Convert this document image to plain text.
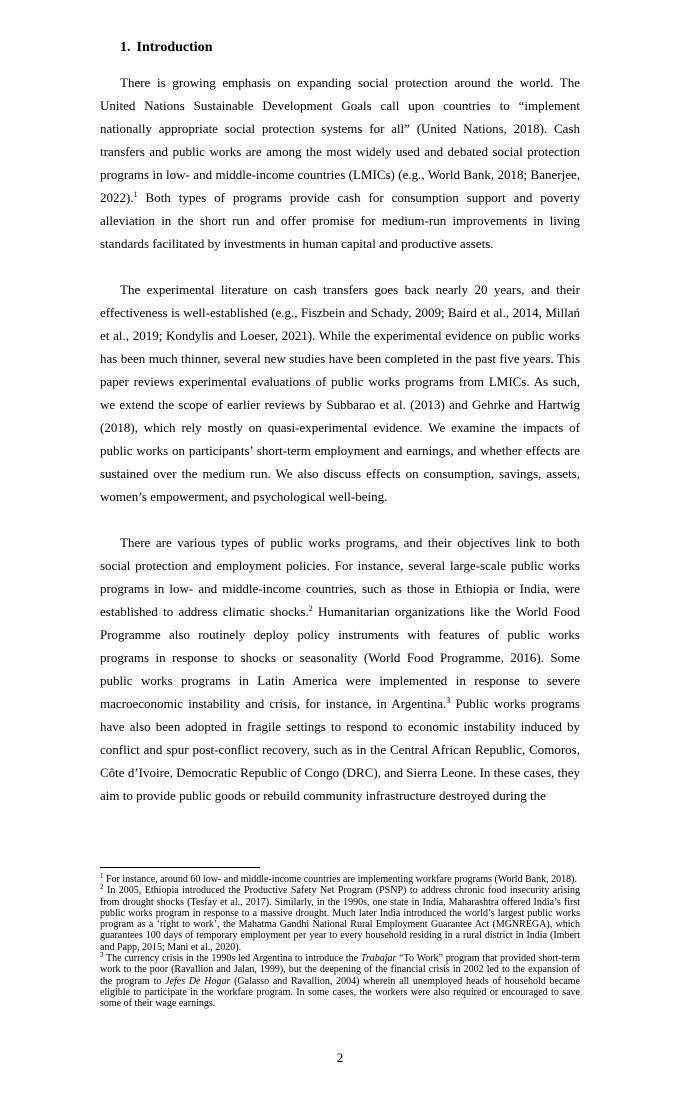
1. Introduction

There is growing emphasis on expanding social protection around the world. The United Nations Sustainable Development Goals call upon countries to “implement nationally appropriate social protection systems for all” (United Nations, 2018). Cash transfers and public works are among the most widely used and debated social protection programs in low- and middle-income countries (LMICs) (e.g., World Bank, 2018; Banerjee, 2022).$^1$ Both types of programs provide cash for consumption support and poverty alleviation in the short run and offer promise for medium-run improvements in living standards facilitated by investments in human capital and productive assets.

The experimental literature on cash transfers goes back nearly 20 years, and their effectiveness is well-established (e.g., Fiszbein and Schady, 2009; Baird et al., 2014, Millań et al., 2019; Kondylis and Loeser, 2021). While the experimental evidence on public works has been much thinner, several new studies have been completed in the past five years. This paper reviews experimental evaluations of public works programs from LMICs. As such, we extend the scope of earlier reviews by Subbarao et al. (2013) and Gehrke and Hartwig (2018), which rely mostly on quasi-experimental evidence. We examine the impacts of public works on participants’ short-term employment and earnings, and whether effects are sustained over the medium run. We also discuss effects on consumption, savings, assets, women’s empowerment, and psychological well-being.

There are various types of public works programs, and their objectives link to both social protection and employment policies. For instance, several large-scale public works programs in low- and middle-income countries, such as those in Ethiopia or India, were established to address climatic shocks.$^2$ Humanitarian organizations like the World Food Programme also routinely deploy policy instruments with features of public works programs in response to shocks or seasonality (World Food Programme, 2016). Some public works programs in Latin America were implemented in response to severe macroeconomic instability and crisis, for instance, in Argentina.$^3$ Public works programs have also been adopted in fragile settings to respond to economic instability induced by conflict and spur post-conflict recovery, such as in the Central African Republic, Comoros, Côte d’Ivoire, Democratic Republic of Congo (DRC), and Sierra Leone. In these cases, they aim to provide public goods or rebuild community infrastructure destroyed during the

$^1$ For instance, around 60 low- and middle-income countries are implementing workfare programs (World Bank, 2018).

$^2$ In 2005, Ethiopia introduced the Productive Safety Net Program (PSNP) to address chronic food insecurity arising from drought shocks (Tesfay et al., 2017). Similarly, in the 1990s, one state in India, Maharashtra offered India’s first public works program in response to a massive drought. Much later India introduced the world’s largest public works program as a ‘right to work’, the Mahatma Gandhi National Rural Employment Guarantee Act (MGNREGA), which guarantees 100 days of temporary employment per year to every household residing in a rural district in India (Imbert and Papp, 2015; Mani et al., 2020).

$^3$ The currency crisis in the 1990s led Argentina to introduce the Trabajar “To Work” program that provided short-term work to the poor (Ravallion and Jalan, 1999), but the deepening of the financial crisis in 2002 led to the expansion of the program to Jefes De Hogar (Galasso and Ravallion, 2004) wherein all unemployed heads of household became eligible to participate in the workfare program. In some cases, the workers were also required or encouraged to save some of their wage earnings.

2
